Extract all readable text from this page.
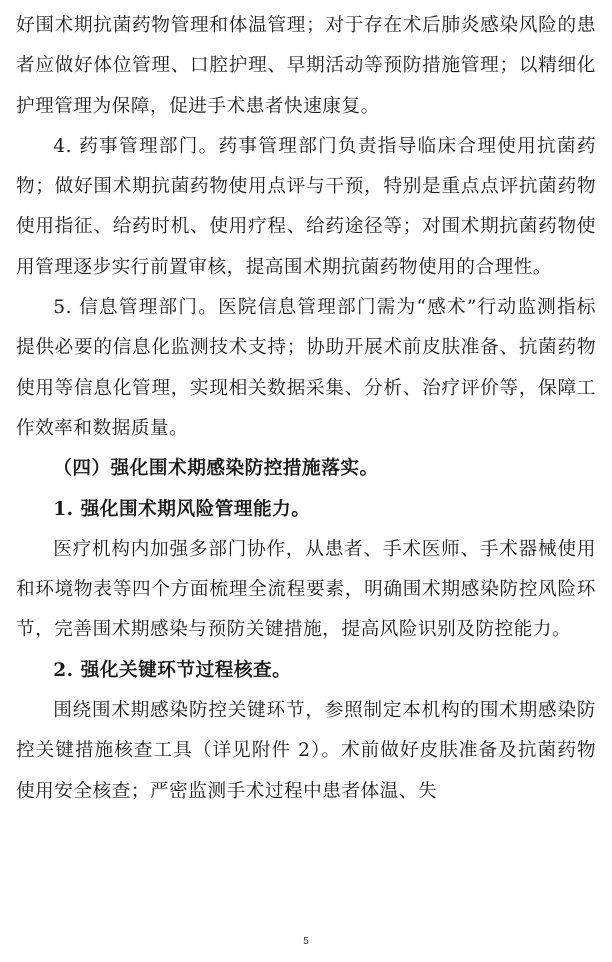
好围术期抗菌药物管理和体温管理；对于存在术后肺炎感染风险的患者应做好体位管理、口腔护理、早期活动等预防措施管理；以精细化护理管理为保障，促进手术患者快速康复。

4. 药事管理部门。药事管理部门负责指导临床合理使用抗菌药物；做好围术期抗菌药物使用点评与干预，特别是重点点评抗菌药物使用指征、给药时机、使用疗程、给药途径等；对围术期抗菌药物使用管理逐步实行前置审核，提高围术期抗菌药物使用的合理性。

5. 信息管理部门。医院信息管理部门需为“感术”行动监测指标提供必要的信息化监测技术支持；协助开展术前皮肤准备、抗菌药物使用等信息化管理，实现相关数据采集、分析、治疗评价等，保障工作效率和数据质量。

（四）强化围术期感染防控措施落实。

1. 强化围术期风险管理能力。

医疗机构内加强多部门协作，从患者、手术医师、手术器械使用和环境物表等四个方面梳理全流程要素，明确围术期感染防控风险环节，完善围术期感染与预防关键措施，提高风险识别及防控能力。

2. 强化关键环节过程核查。

围绕围术期感染防控关键环节，参照制定本机构的围术期感染防控关键措施核查工具（详见附件 2）。术前做好皮肤准备及抗菌药物使用安全核查；严密监测手术过程中患者体温、失

5
